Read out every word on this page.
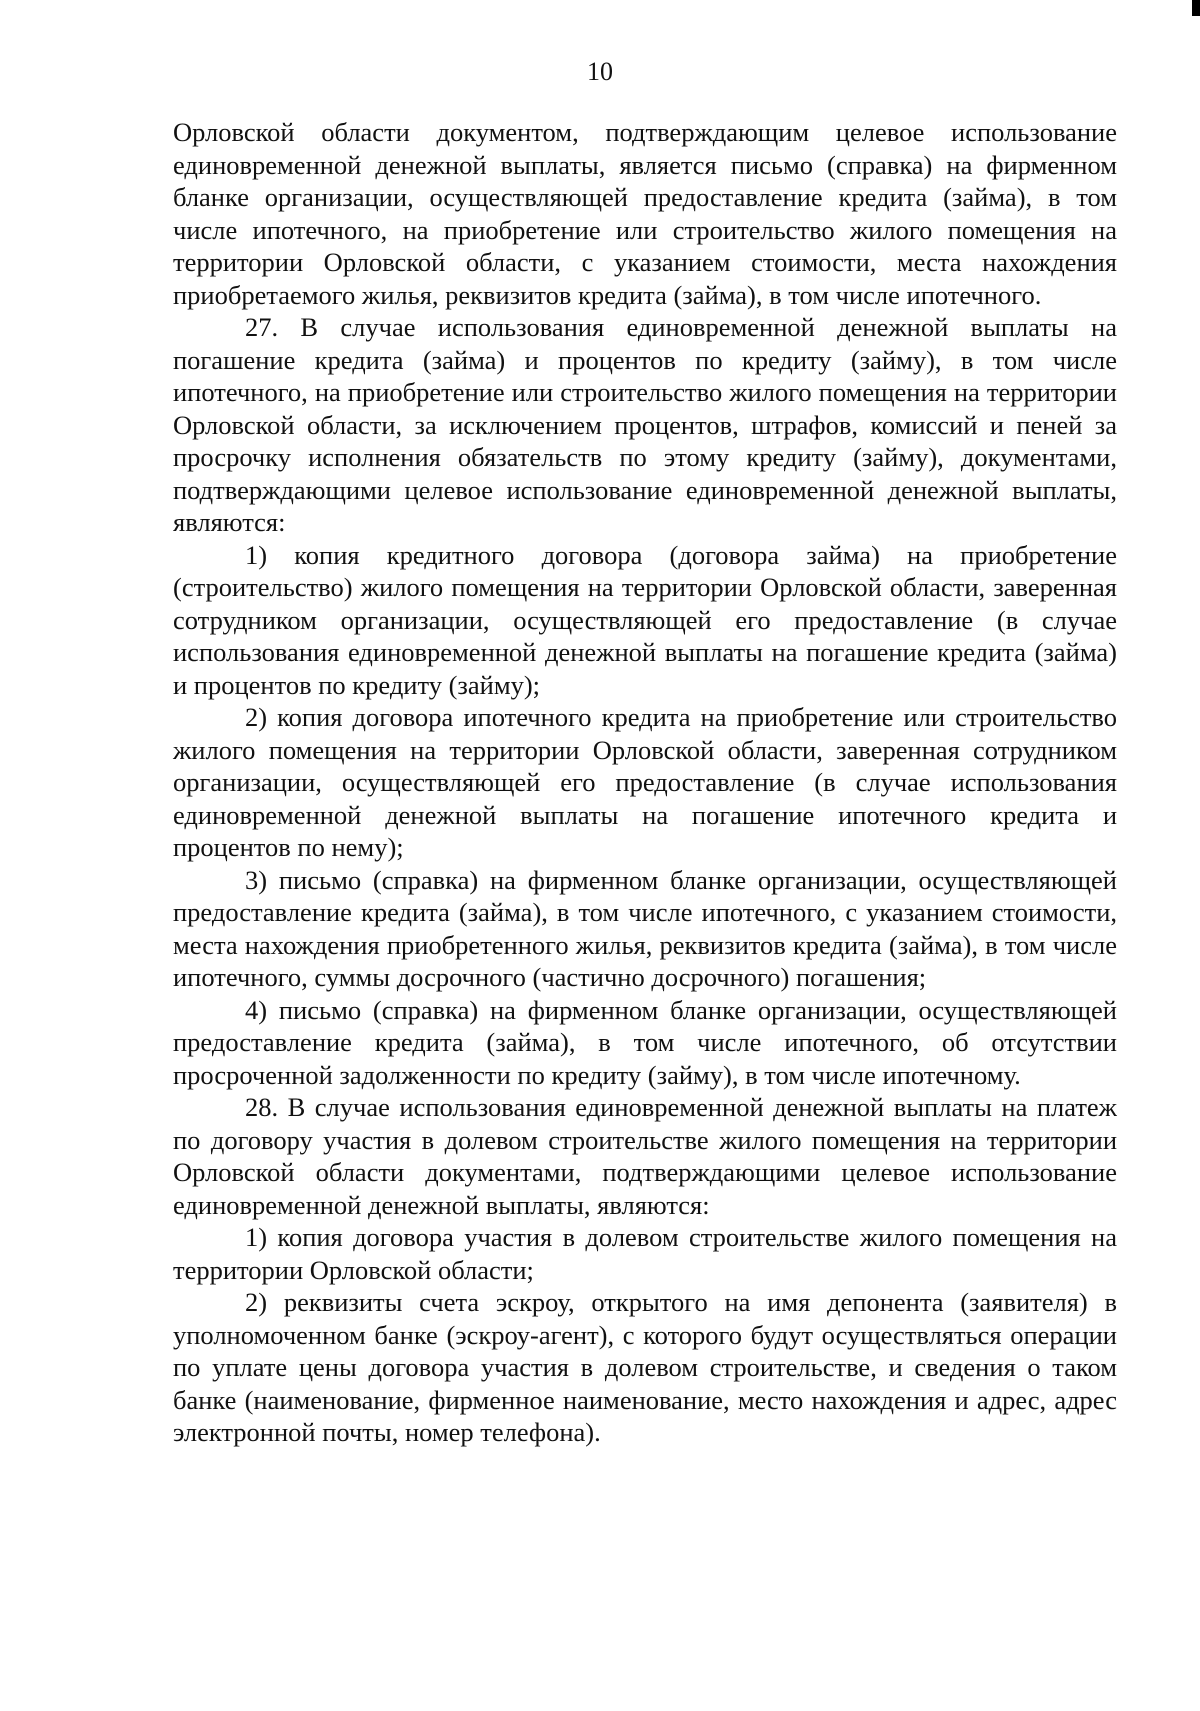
10

Орловской области документом, подтверждающим целевое использование единовременной денежной выплаты, является письмо (справка) на фирменном бланке организации, осуществляющей предоставление кредита (займа), в том числе ипотечного, на приобретение или строительство жилого помещения на территории Орловской области, с указанием стоимости, места нахождения приобретаемого жилья, реквизитов кредита (займа), в том числе ипотечного.

27. В случае использования единовременной денежной выплаты на погашение кредита (займа) и процентов по кредиту (займу), в том числе ипотечного, на приобретение или строительство жилого помещения на территории Орловской области, за исключением процентов, штрафов, комиссий и пеней за просрочку исполнения обязательств по этому кредиту (займу), документами, подтверждающими целевое использование единовременной денежной выплаты, являются:

1) копия кредитного договора (договора займа) на приобретение (строительство) жилого помещения на территории Орловской области, заверенная сотрудником организации, осуществляющей его предоставление (в случае использования единовременной денежной выплаты на погашение кредита (займа) и процентов по кредиту (займу);

2) копия договора ипотечного кредита на приобретение или строительство жилого помещения на территории Орловской области, заверенная сотрудником организации, осуществляющей его предоставление (в случае использования единовременной денежной выплаты на погашение ипотечного кредита и процентов по нему);

3) письмо (справка) на фирменном бланке организации, осуществляющей предоставление кредита (займа), в том числе ипотечного, с указанием стоимости, места нахождения приобретенного жилья, реквизитов кредита (займа), в том числе ипотечного, суммы досрочного (частично досрочного) погашения;

4) письмо (справка) на фирменном бланке организации, осуществляющей предоставление кредита (займа), в том числе ипотечного, об отсутствии просроченной задолженности по кредиту (займу), в том числе ипотечному.

28. В случае использования единовременной денежной выплаты на платеж по договору участия в долевом строительстве жилого помещения на территории Орловской области документами, подтверждающими целевое использование единовременной денежной выплаты, являются:

1) копия договора участия в долевом строительстве жилого помещения на территории Орловской области;

2) реквизиты счета эскроу, открытого на имя депонента (заявителя) в уполномоченном банке (эскроу-агент), с которого будут осуществляться операции по уплате цены договора участия в долевом строительстве, и сведения о таком банке (наименование, фирменное наименование, место нахождения и адрес, адрес электронной почты, номер телефона).
